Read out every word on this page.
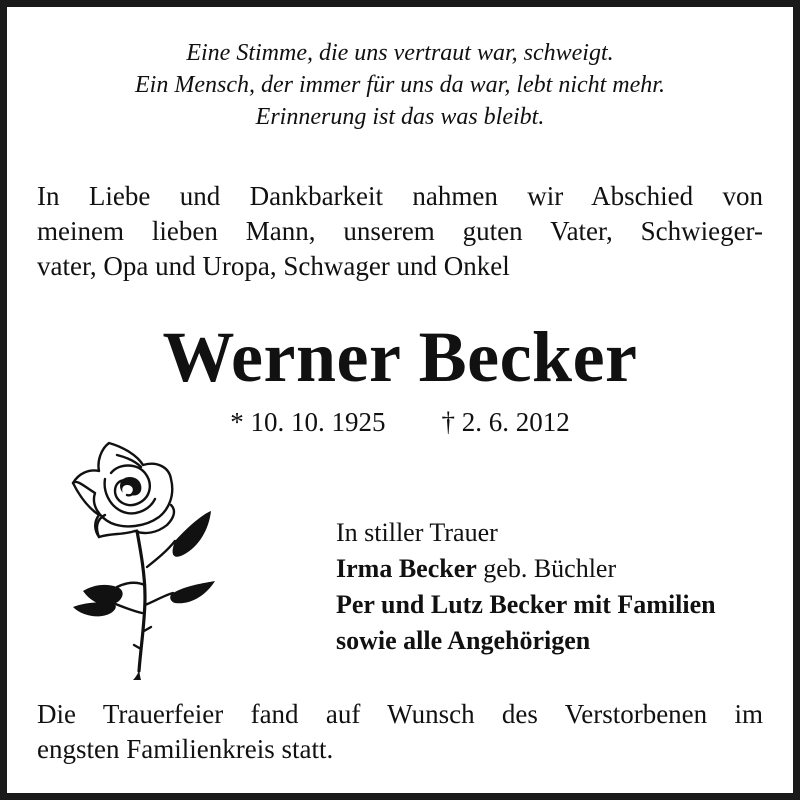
Eine Stimme, die uns vertraut war, schweigt.
Ein Mensch, der immer für uns da war, lebt nicht mehr.
Erinnerung ist das was bleibt.
In Liebe und Dankbarkeit nahmen wir Abschied von
meinem lieben Mann, unserem guten Vater, Schwieger-
vater, Opa und Uropa, Schwager und Onkel
Werner Becker
* 10. 10. 1925 † 2. 6. 2012
In stiller Trauer
Irma Becker geb. Büchler
Per und Lutz Becker mit Familien
sowie alle Angehörigen
Die Trauerfeier fand auf Wunsch des Verstorbenen im
engsten Familienkreis statt.
